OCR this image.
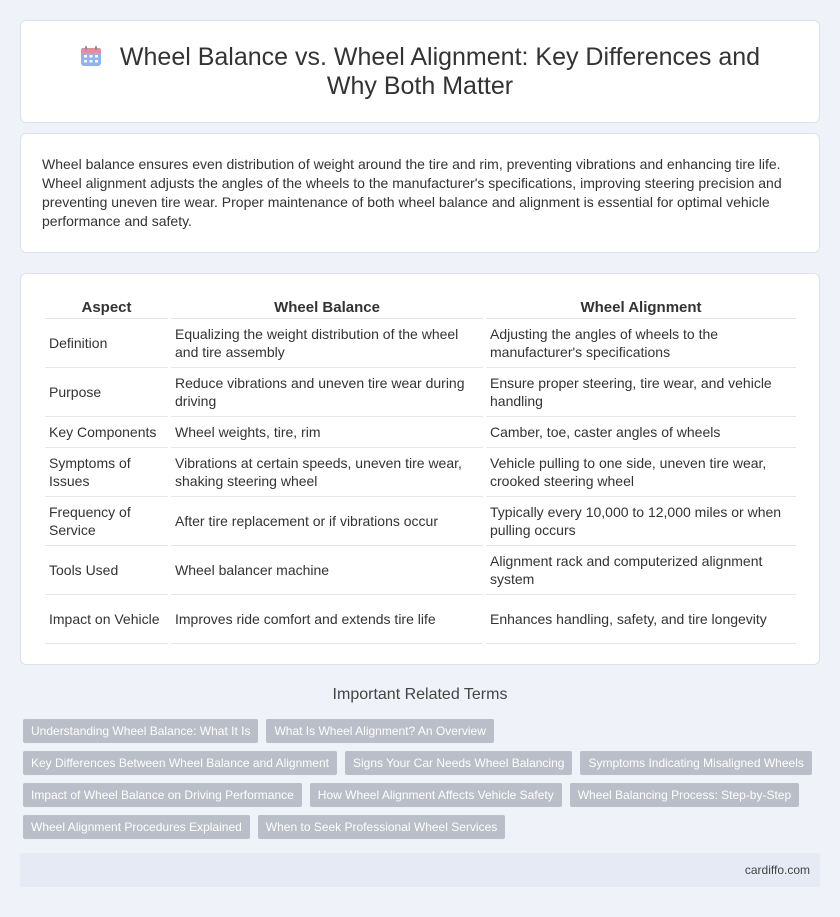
Wheel Balance vs. Wheel Alignment: Key Differences and Why Both Matter

Wheel balance ensures even distribution of weight around the tire and rim, preventing vibrations and enhancing tire life. Wheel alignment adjusts the angles of the wheels to the manufacturer's specifications, improving steering precision and preventing uneven tire wear. Proper maintenance of both wheel balance and alignment is essential for optimal vehicle performance and safety.

Aspect	Wheel Balance	Wheel Alignment
Definition	Equalizing the weight distribution of the wheel and tire assembly	Adjusting the angles of wheels to the manufacturer's specifications
Purpose	Reduce vibrations and uneven tire wear during driving	Ensure proper steering, tire wear, and vehicle handling
Key Components	Wheel weights, tire, rim	Camber, toe, caster angles of wheels
Symptoms of Issues	Vibrations at certain speeds, uneven tire wear, shaking steering wheel	Vehicle pulling to one side, uneven tire wear, crooked steering wheel
Frequency of Service	After tire replacement or if vibrations occur	Typically every 10,000 to 12,000 miles or when pulling occurs
Tools Used	Wheel balancer machine	Alignment rack and computerized alignment system
Impact on Vehicle	Improves ride comfort and extends tire life	Enhances handling, safety, and tire longevity
Important Related Terms
Understanding Wheel Balance: What It Is	What Is Wheel Alignment? An Overview
Key Differences Between Wheel Balance and Alignment	Signs Your Car Needs Wheel Balancing	Symptoms Indicating Misaligned Wheels
Impact of Wheel Balance on Driving Performance	How Wheel Alignment Affects Vehicle Safety	Wheel Balancing Process: Step-by-Step
Wheel Alignment Procedures Explained	When to Seek Professional Wheel Services
cardiffo.com
